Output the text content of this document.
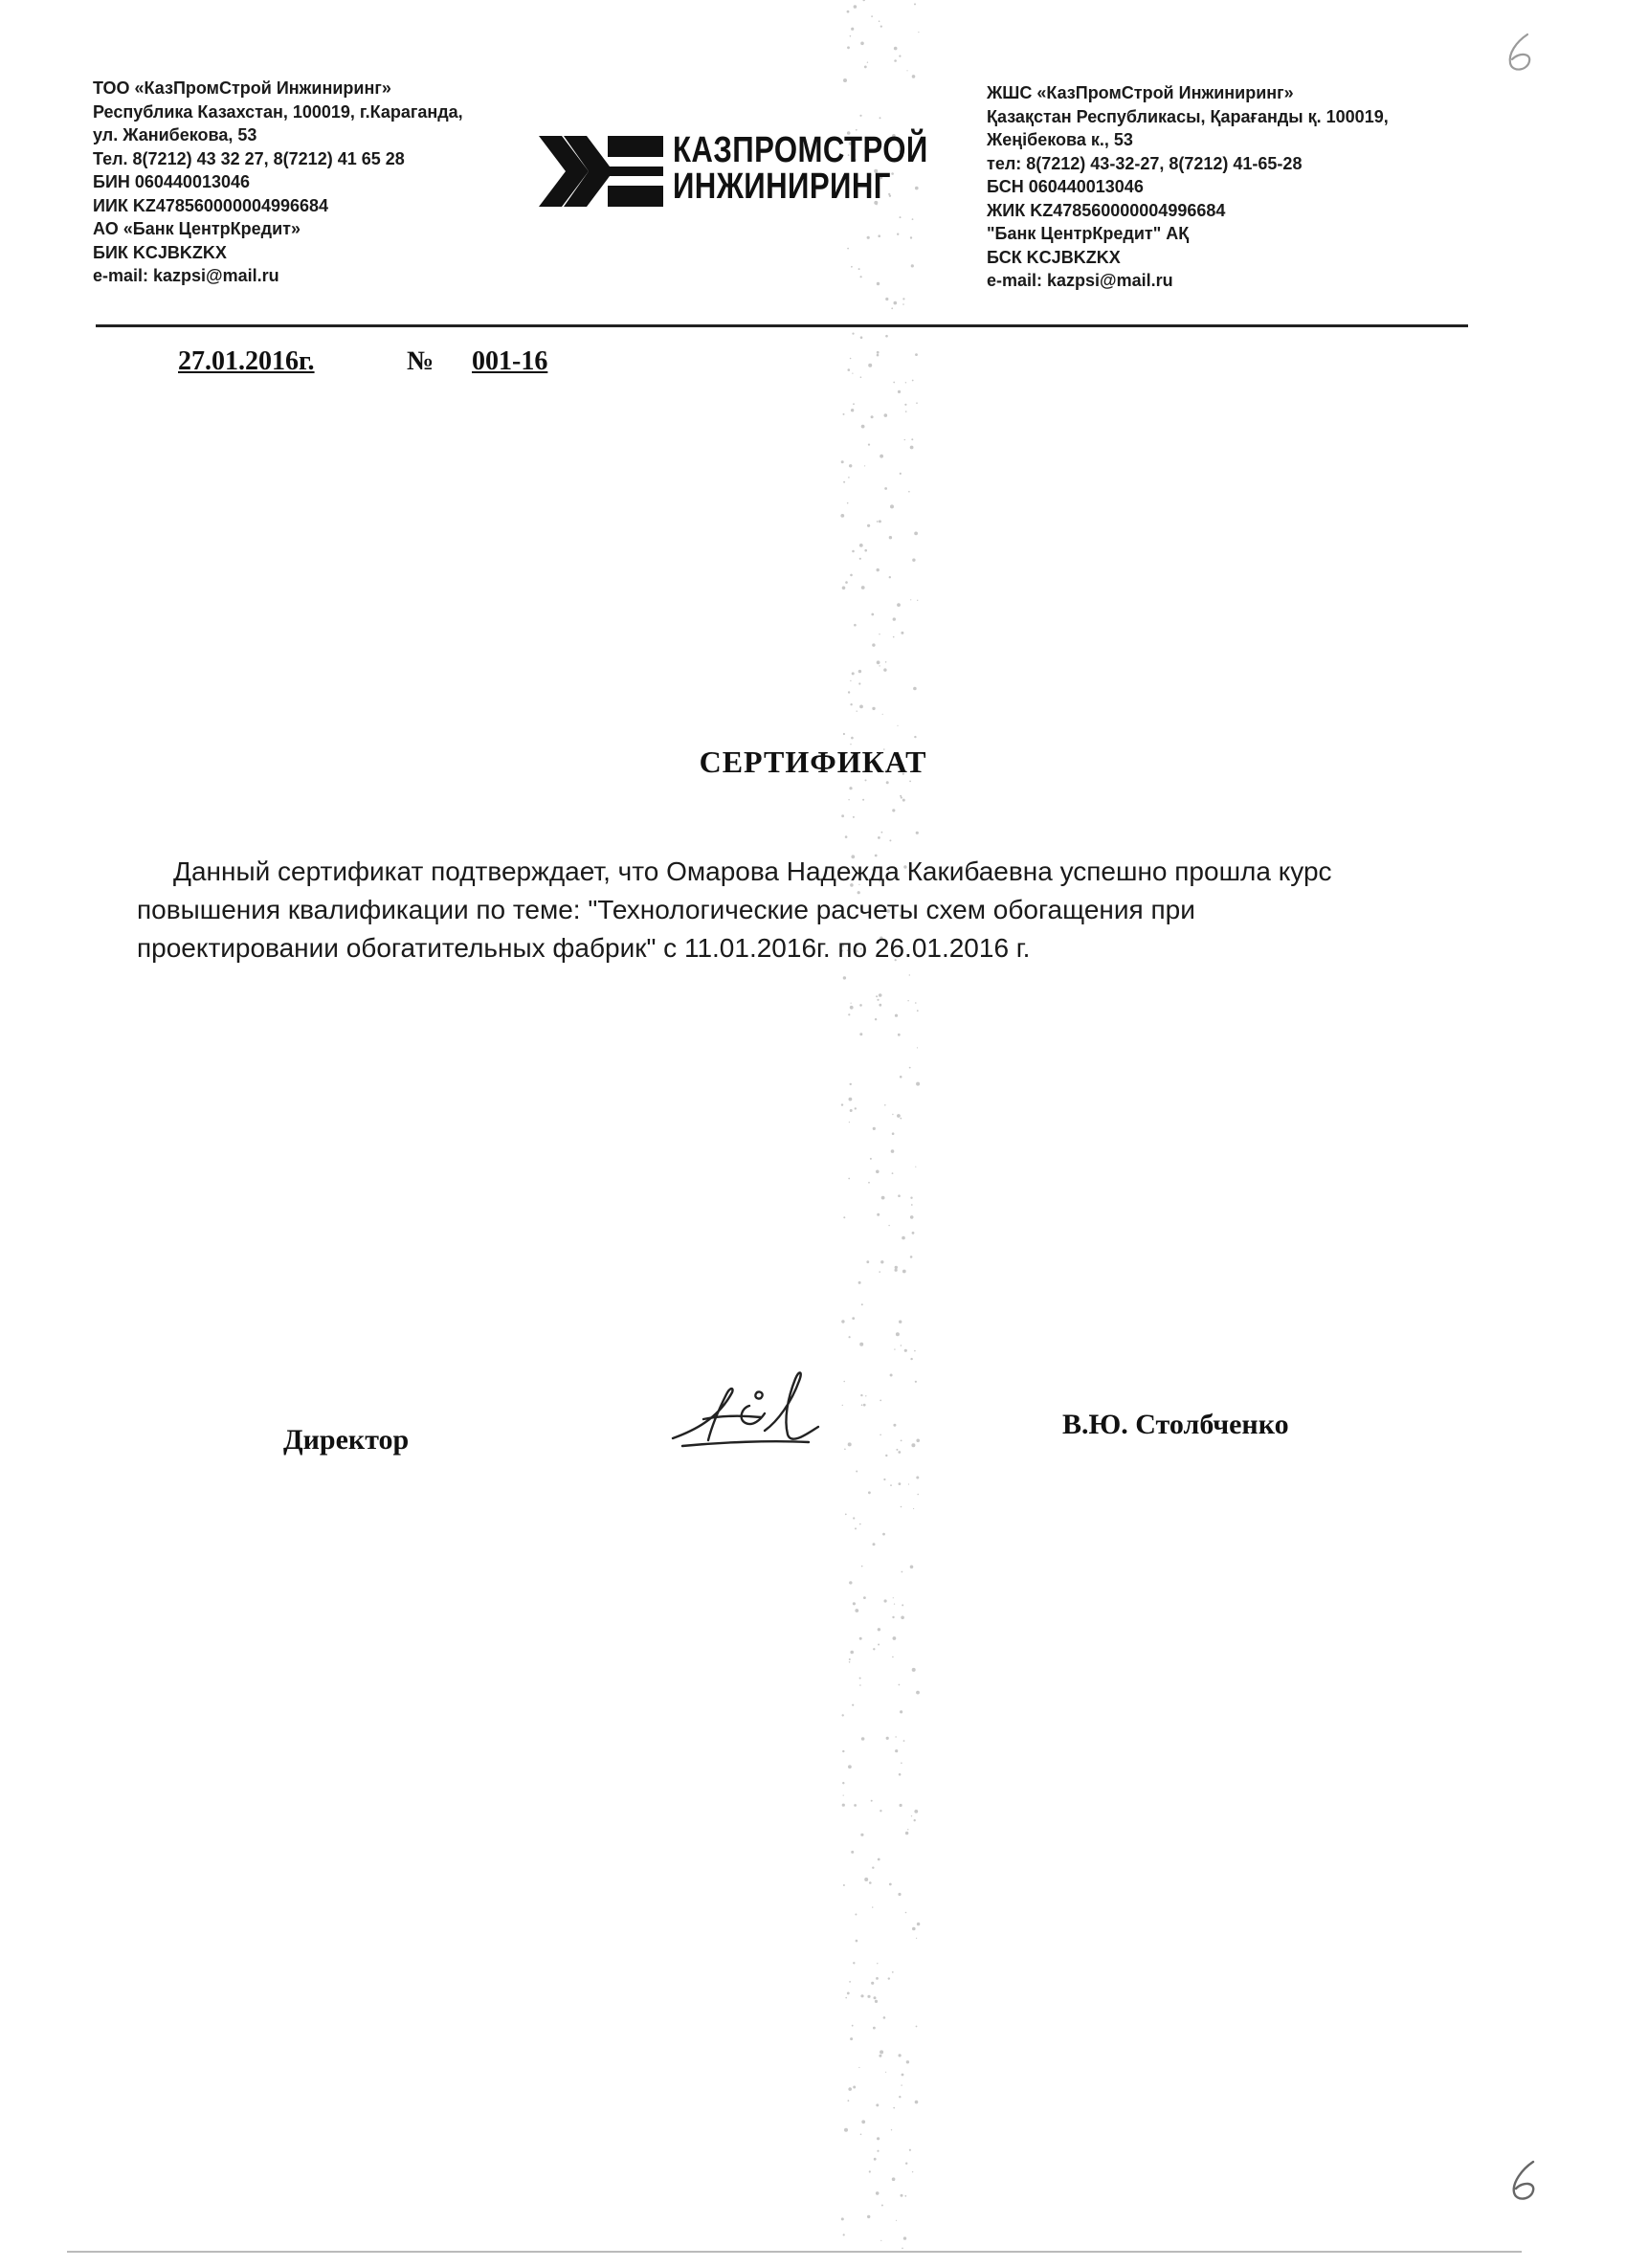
ТОО «КазПромСтрой Инжиниринг»
Республика Казахстан, 100019, г.Караганда,
ул. Жанибекова, 53
Тел. 8(7212) 43 32 27, 8(7212) 41 65 28
БИН 060440013046
ИИК KZ478560000004996684
АО «Банк ЦентрКредит»
БИК KCJBKZKX
e-mail: kazpsi@mail.ru
КАЗПРОМСТРОЙ
ИНЖИНИРИНГ
ЖШС «КазПромСтрой Инжиниринг»
Қазақстан Республикасы, Қарағанды қ. 100019,
Жеңібекова к., 53
тел: 8(7212) 43-32-27, 8(7212) 41-65-28
БСН 060440013046
ЖИК KZ478560000004996684
"Банк ЦентрКредит" АҚ
БСК KCJBKZKX
e-mail: kazpsi@mail.ru
27.01.2016г.	№ 001-16
СЕРТИФИКАТ
Данный сертификат подтверждает, что Омарова Надежда Какибаевна успешно прошла курс
повышения квалификации по теме: "Технологические расчеты схем обогащения при
проектировании обогатительных фабрик" с 11.01.2016г. по 26.01.2016 г.
Директор	В.Ю. Столбченко
